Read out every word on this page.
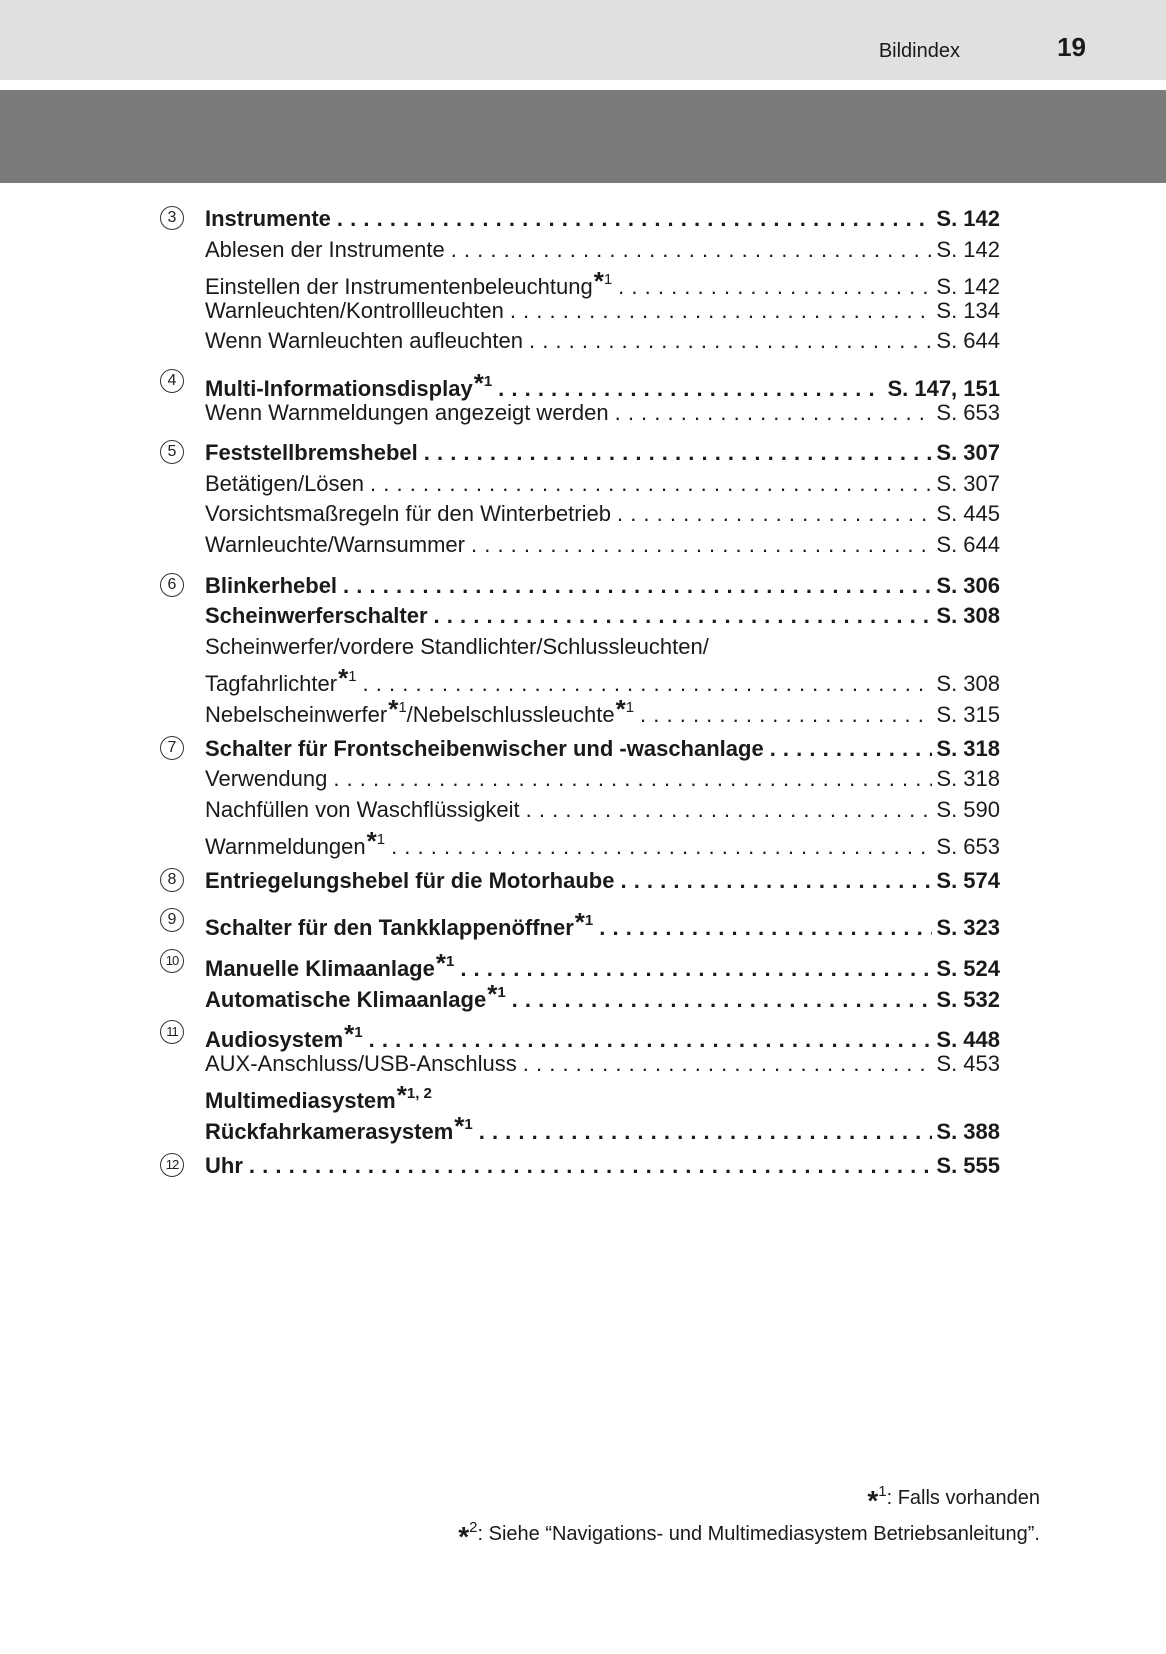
Bildindex	19
3	Instrumente . . .	S. 142
Ablesen der Instrumente . . .	S. 142
Einstellen der Instrumentenbeleuchtung$^{*1}$ . . .	S. 142
Warnleuchten/Kontrollleuchten . . .	S. 134
Wenn Warnleuchten aufleuchten . . .	S. 644
4	Multi-Informationsdisplay$^{*1}$ . . .	S. 147, 151
Wenn Warnmeldungen angezeigt werden . . .	S. 653
5	Feststellbremshebel . . .	S. 307
Betätigen/Lösen . . .	S. 307
Vorsichtsmaßregeln für den Winterbetrieb . . .	S. 445
Warnleuchte/Warnsummer . . .	S. 644
6	Blinkerhebel . . .	S. 306
Scheinwerferschalter . . .	S. 308
Scheinwerfer/vordere Standlichter/Schlussleuchten/
Tagfahrlichter$^{*1}$ . . .	S. 308
Nebelscheinwerfer$^{*1}$/Nebelschlussleuchte$^{*1}$ . . .	S. 315
7	Schalter für Frontscheibenwischer und -waschanlage . . .	S. 318
Verwendung . . .	S. 318
Nachfüllen von Waschflüssigkeit . . .	S. 590
Warnmeldungen$^{*1}$ . . .	S. 653
8	Entriegelungshebel für die Motorhaube . . .	S. 574
9	Schalter für den Tankklappenöffner$^{*1}$ . . .	S. 323
10 Manuelle Klimaanlage$^{*1}$ . . .	S. 524
Automatische Klimaanlage$^{*1}$ . . .	S. 532
11 Audiosystem$^{*1}$ . . .	S. 448
AUX-Anschluss/USB-Anschluss . . .	S. 453
Multimediasystem$^{*1, 2}$
Rückfahrkamerasystem$^{*1}$ . . .	S. 388
12 Uhr . . .	S. 555
*$^1$: Falls vorhanden
*$^2$: Siehe “Navigations- und Multimediasystem Betriebsanleitung”.
